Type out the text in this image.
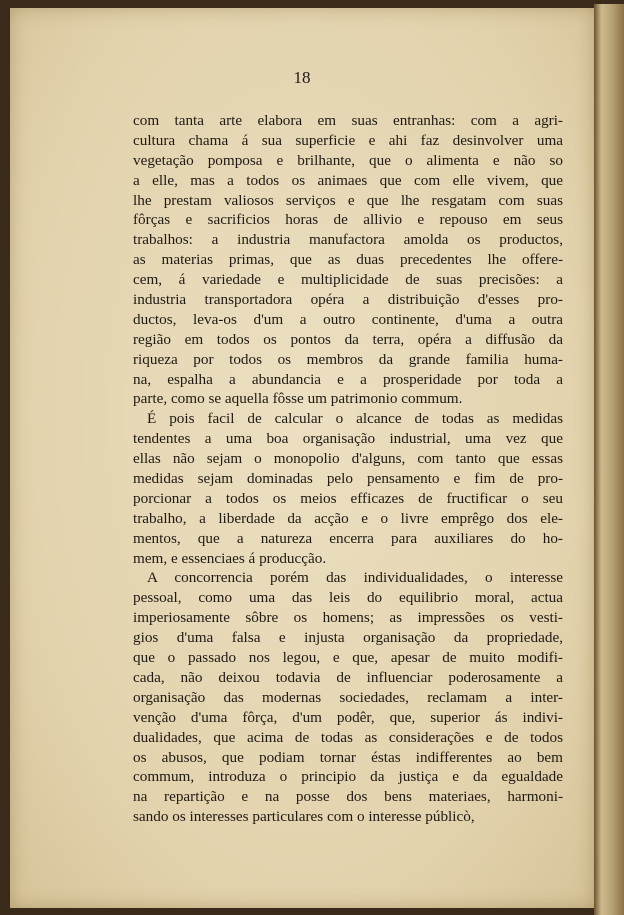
18

com tanta arte elabora em suas entranhas: com a agri-
cultura chama á sua superficie e ahi faz desinvolver uma
vegetação pomposa e brilhante, que o alimenta e não so
a elle, mas a todos os animaes que com elle vivem, que
lhe prestam valiosos serviços e que lhe resgatam com suas
fôrças e sacrificios horas de allivio e repouso em seus
trabalhos: a industria manufactora amolda os productos,
as materias primas, que as duas precedentes lhe offere-
cem, á variedade e multiplicidade de suas precisões: a
industria transportadora opéra a distribuição d'esses pro-
ductos, leva-os d'um a outro continente, d'uma a outra
região em todos os pontos da terra, opéra a diffusão da
riqueza por todos os membros da grande familia huma-
na, espalha a abundancia e a prosperidade por toda a
parte, como se aquella fôsse um patrimonio commum.
É pois facil de calcular o alcance de todas as medidas
tendentes a uma boa organisação industrial, uma vez que
ellas não sejam o monopolio d'alguns, com tanto que essas
medidas sejam dominadas pelo pensamento e fim de pro-
porcionar a todos os meios efficazes de fructificar o seu
trabalho, a liberdade da acção e o livre emprêgo dos ele-
mentos, que a natureza encerra para auxiliares do ho-
mem, e essenciaes á producção.
A concorrencia porém das individualidades, o interesse
pessoal, como uma das leis do equilibrio moral, actua
imperiosamente sôbre os homens; as impressões os vesti-
gios d'uma falsa e injusta organisação da propriedade,
que o passado nos legou, e que, apesar de muito modifi-
cada, não deixou todavia de influenciar poderosamente a
organisação das modernas sociedades, reclamam a inter-
venção d'uma fôrça, d'um podêr, que, superior ás indivi-
dualidades, que acima de todas as considerações e de todos
os abusos, que podiam tornar éstas indifferentes ao bem
commum, introduza o principio da justiça e da egualdade
na repartição e na posse dos bens materiaes, harmoni-
sando os interesses particulares com o interesse públicò,
